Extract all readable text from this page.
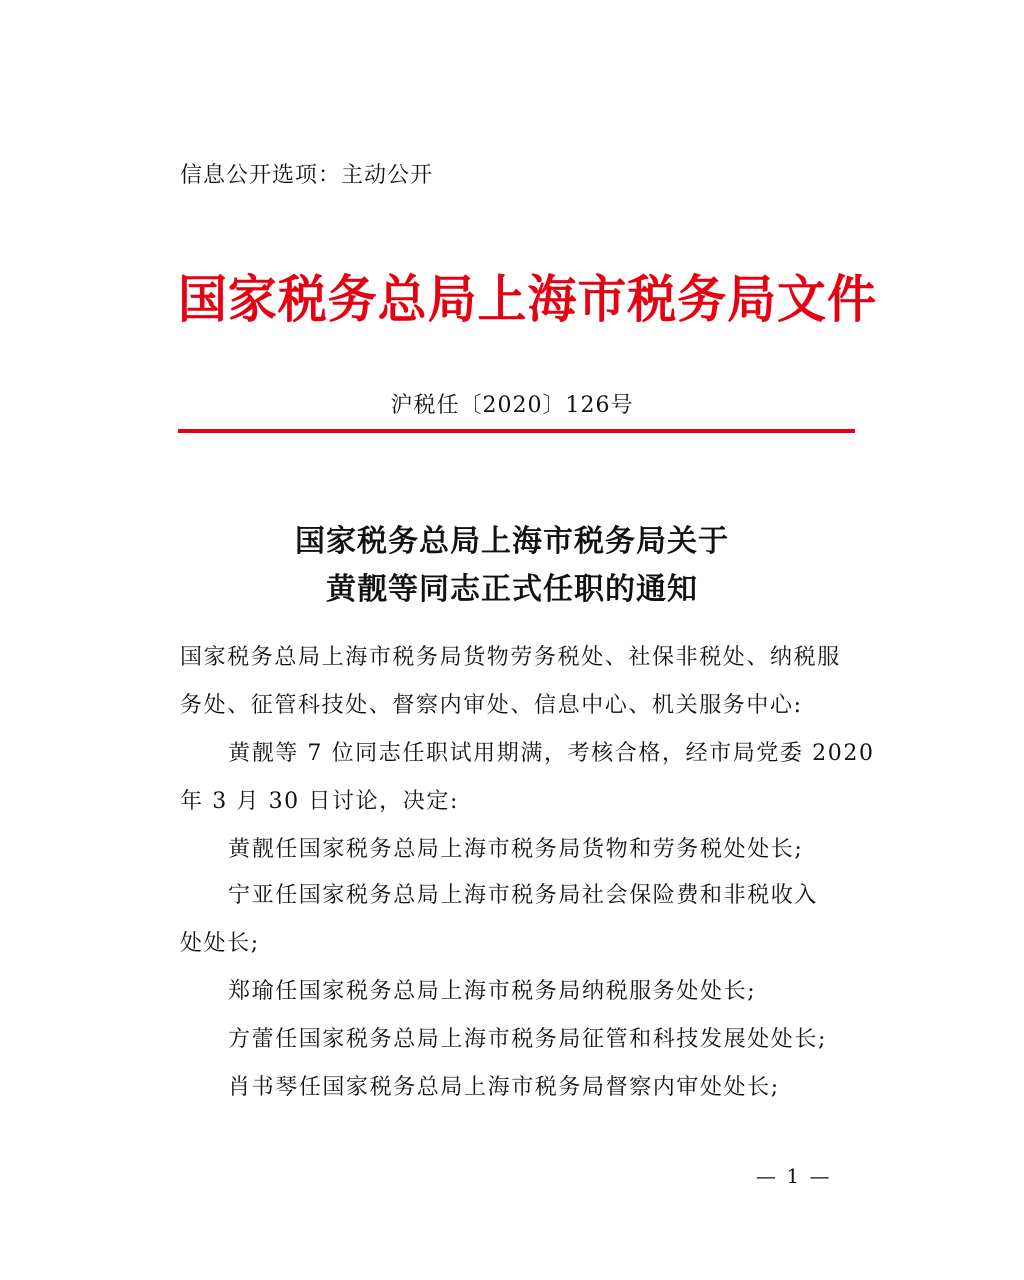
信息公开选项：主动公开
国家税务总局上海市税务局文件
沪税任〔2020〕126号
国家税务总局上海市税务局关于
黄靓等同志正式任职的通知
国家税务总局上海市税务局货物劳务税处、社保非税处、纳税服
务处、征管科技处、督察内审处、信息中心、机关服务中心:
黄靓等 7 位同志任职试用期满，考核合格，经市局党委 2020
年 3 月 30 日讨论，决定:
黄靓任国家税务总局上海市税务局货物和劳务税处处长;
宁亚任国家税务总局上海市税务局社会保险费和非税收入
处处长;
郑瑜任国家税务总局上海市税务局纳税服务处处长;
方蕾任国家税务总局上海市税务局征管和科技发展处处长;
肖书琴任国家税务总局上海市税务局督察内审处处长;
— 1 —
